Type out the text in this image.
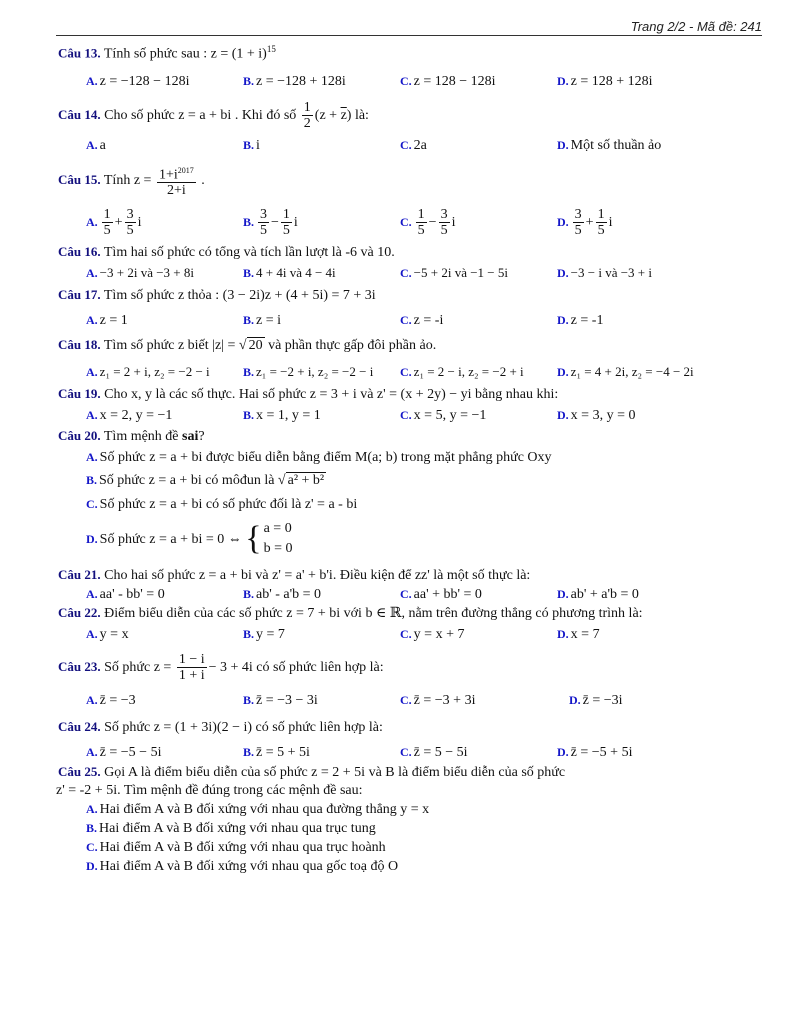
Trang 2/2 - Mã đề: 241
Câu 13. Tính số phức sau : $z = (1 + i)^{15}$
A. z = −128 − 128i	B. z = −128 + 128i	C. z = 128 − 128i	D. z = 128 + 128i
Câu 14. Cho số phức z = a + bi . Khi đó số $\frac{1}{2} (z + \overline{z})$ là:
A. a	B. i	C. 2a	D. Một số thuần ảo
Câu 15. Tính $z = \frac{1+i^{2017}}{2+i}$ .
A. $\frac{1}{5} + \frac{3}{5}$ i	B. $\frac{3}{5} - \frac{1}{5}$ i	C. $\frac{1}{5} - \frac{3}{5}$ i	D. $\frac{3}{5} + \frac{1}{5}$ i
Câu 16. Tìm hai số phức có tổng và tích lần lượt là -6 và 10.
A. −3 + 2i và −3 + 8i	B. 4 + 4i và 4 − 4i	C. −5 + 2i và −1 − 5i	D. −3 − i và −3 + i
Câu 17. Tìm số phức z thỏa : (3 − 2i)z + (4 + 5i) = 7 + 3i
A. z = 1	B. z = i	C. z = -i	D. z = -1
Câu 18. Tìm số phức z biết |z| = √ 20 và phần thực gấp đôi phần ảo.
A. z₁ = 2 + i, z₂ = −2 − i	B. z₁ = −2 + i, z₂ = −2 − i	C. z₁ = 2 − i, z₂ = −2 + i	D. z₁ = 4 + 2i, z₂ = −4 − 2i
Câu 19. Cho x, y là các số thực. Hai số phức z = 3 + i và z' = (x + 2y) − yi bằng nhau khi:
A. x = 2, y = −1	B. x = 1, y = 1	C. x = 5, y = −1	D. x = 3, y = 0
Câu 20. Tìm mệnh đề sai?
A. Số phức z = a + bi được biểu diễn bằng điểm M(a; b) trong mặt phẳng phức Oxy
B. Số phức z = a + bi có môđun là √ a² + b²
C. Số phức z = a + bi có số phức đối là z' = a - bi
D. Số phức z = a + bi = 0 ⇔ { a = 0
b = 0
Câu 21. Cho hai số phức z = a + bi và z' = a' + b'i. Điều kiện để zz' là một số thực là:
A. aa' - bb' = 0	B. ab' - a'b = 0	C. aa' + bb' = 0	D. ab' + a'b = 0
Câu 22. Điểm biểu diễn của các số phức z = 7 + bi với b ∈ ℝ, nằm trên đường thẳng có phương trình là:
A. y = x	B. y = 7	C. y = x + 7	D. x = 7
Câu 23. Số phức $z = \frac{1 - i}{1 + i} - 3 + 4i$ có số phức liên hợp là:
A. z̄ = −3	B. z̄ = −3 − 3i	C. z̄ = −3 + 3i	D. z̄ = −3i
Câu 24. Số phức z = (1 + 3i)(2 − i) có số phức liên hợp là:
A. z̄ = −5 − 5i	B. z̄ = 5 + 5i	C. z̄ = 5 − 5i	D. z̄ = −5 + 5i
Câu 25. Gọi A là điểm biểu diễn của số phức z = 2 + 5i và B là điểm biểu diễn của số phức
z' = -2 + 5i. Tìm mệnh đề đúng trong các mệnh đề sau:
A. Hai điểm A và B đối xứng với nhau qua đường thẳng y = x
B. Hai điểm A và B đối xứng với nhau qua trục tung
C. Hai điểm A và B đối xứng với nhau qua trục hoành
D. Hai điểm A và B đối xứng với nhau qua gốc toạ độ O
